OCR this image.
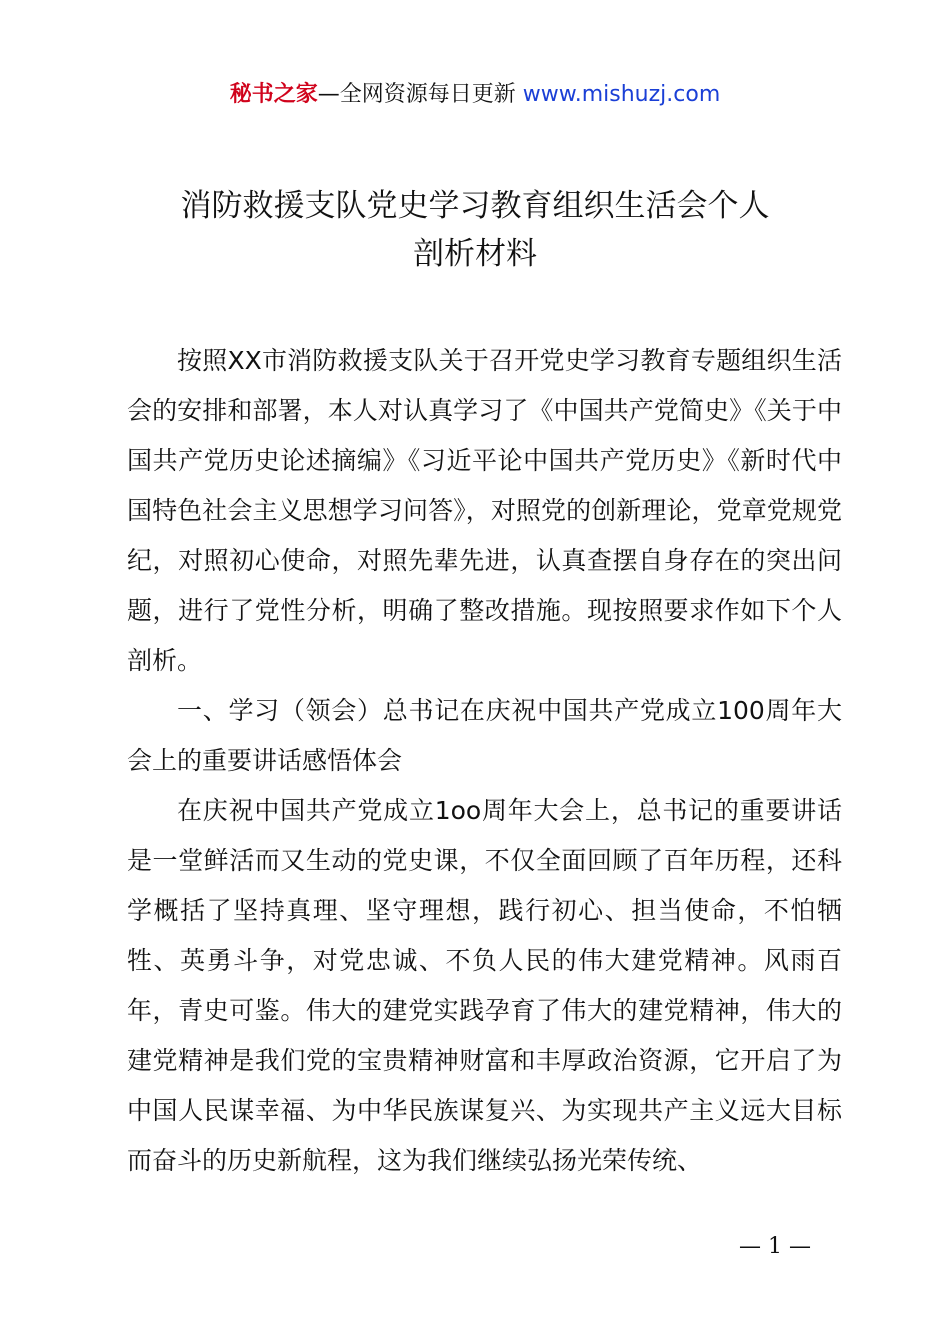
秘书之家—全网资源每日更新 www.mishuzj.com
消防救援支队党史学习教育组织生活会个人
剖析材料

按照XX市消防救援支队关于召开党史学习教育专题组织生活会的安排和部署，本人对认真学习了《中国共产党简史》《关于中国共产党历史论述摘编》《习近平论中国共产党历史》《新时代中国特色社会主义思想学习问答》，对照党的创新理论，党章党规党纪，对照初心使命，对照先辈先进，认真查摆自身存在的突出问题，进行了党性分析，明确了整改措施。现按照要求作如下个人剖析。

一、学习（领会）总书记在庆祝中国共产党成立100周年大会上的重要讲话感悟体会

在庆祝中国共产党成立1oo周年大会上，总书记的重要讲话是一堂鲜活而又生动的党史课，不仅全面回顾了百年历程，还科学概括了坚持真理、坚守理想，践行初心、担当使命，不怕牺牲、英勇斗争，对党忠诚、不负人民的伟大建党精神。风雨百年，青史可鉴。伟大的建党实践孕育了伟大的建党精神，伟大的建党精神是我们党的宝贵精神财富和丰厚政治资源，它开启了为中国人民谋幸福、为中华民族谋复兴、为实现共产主义远大目标而奋斗的历史新航程，这为我们继续弘扬光荣传统、

— 1 —
